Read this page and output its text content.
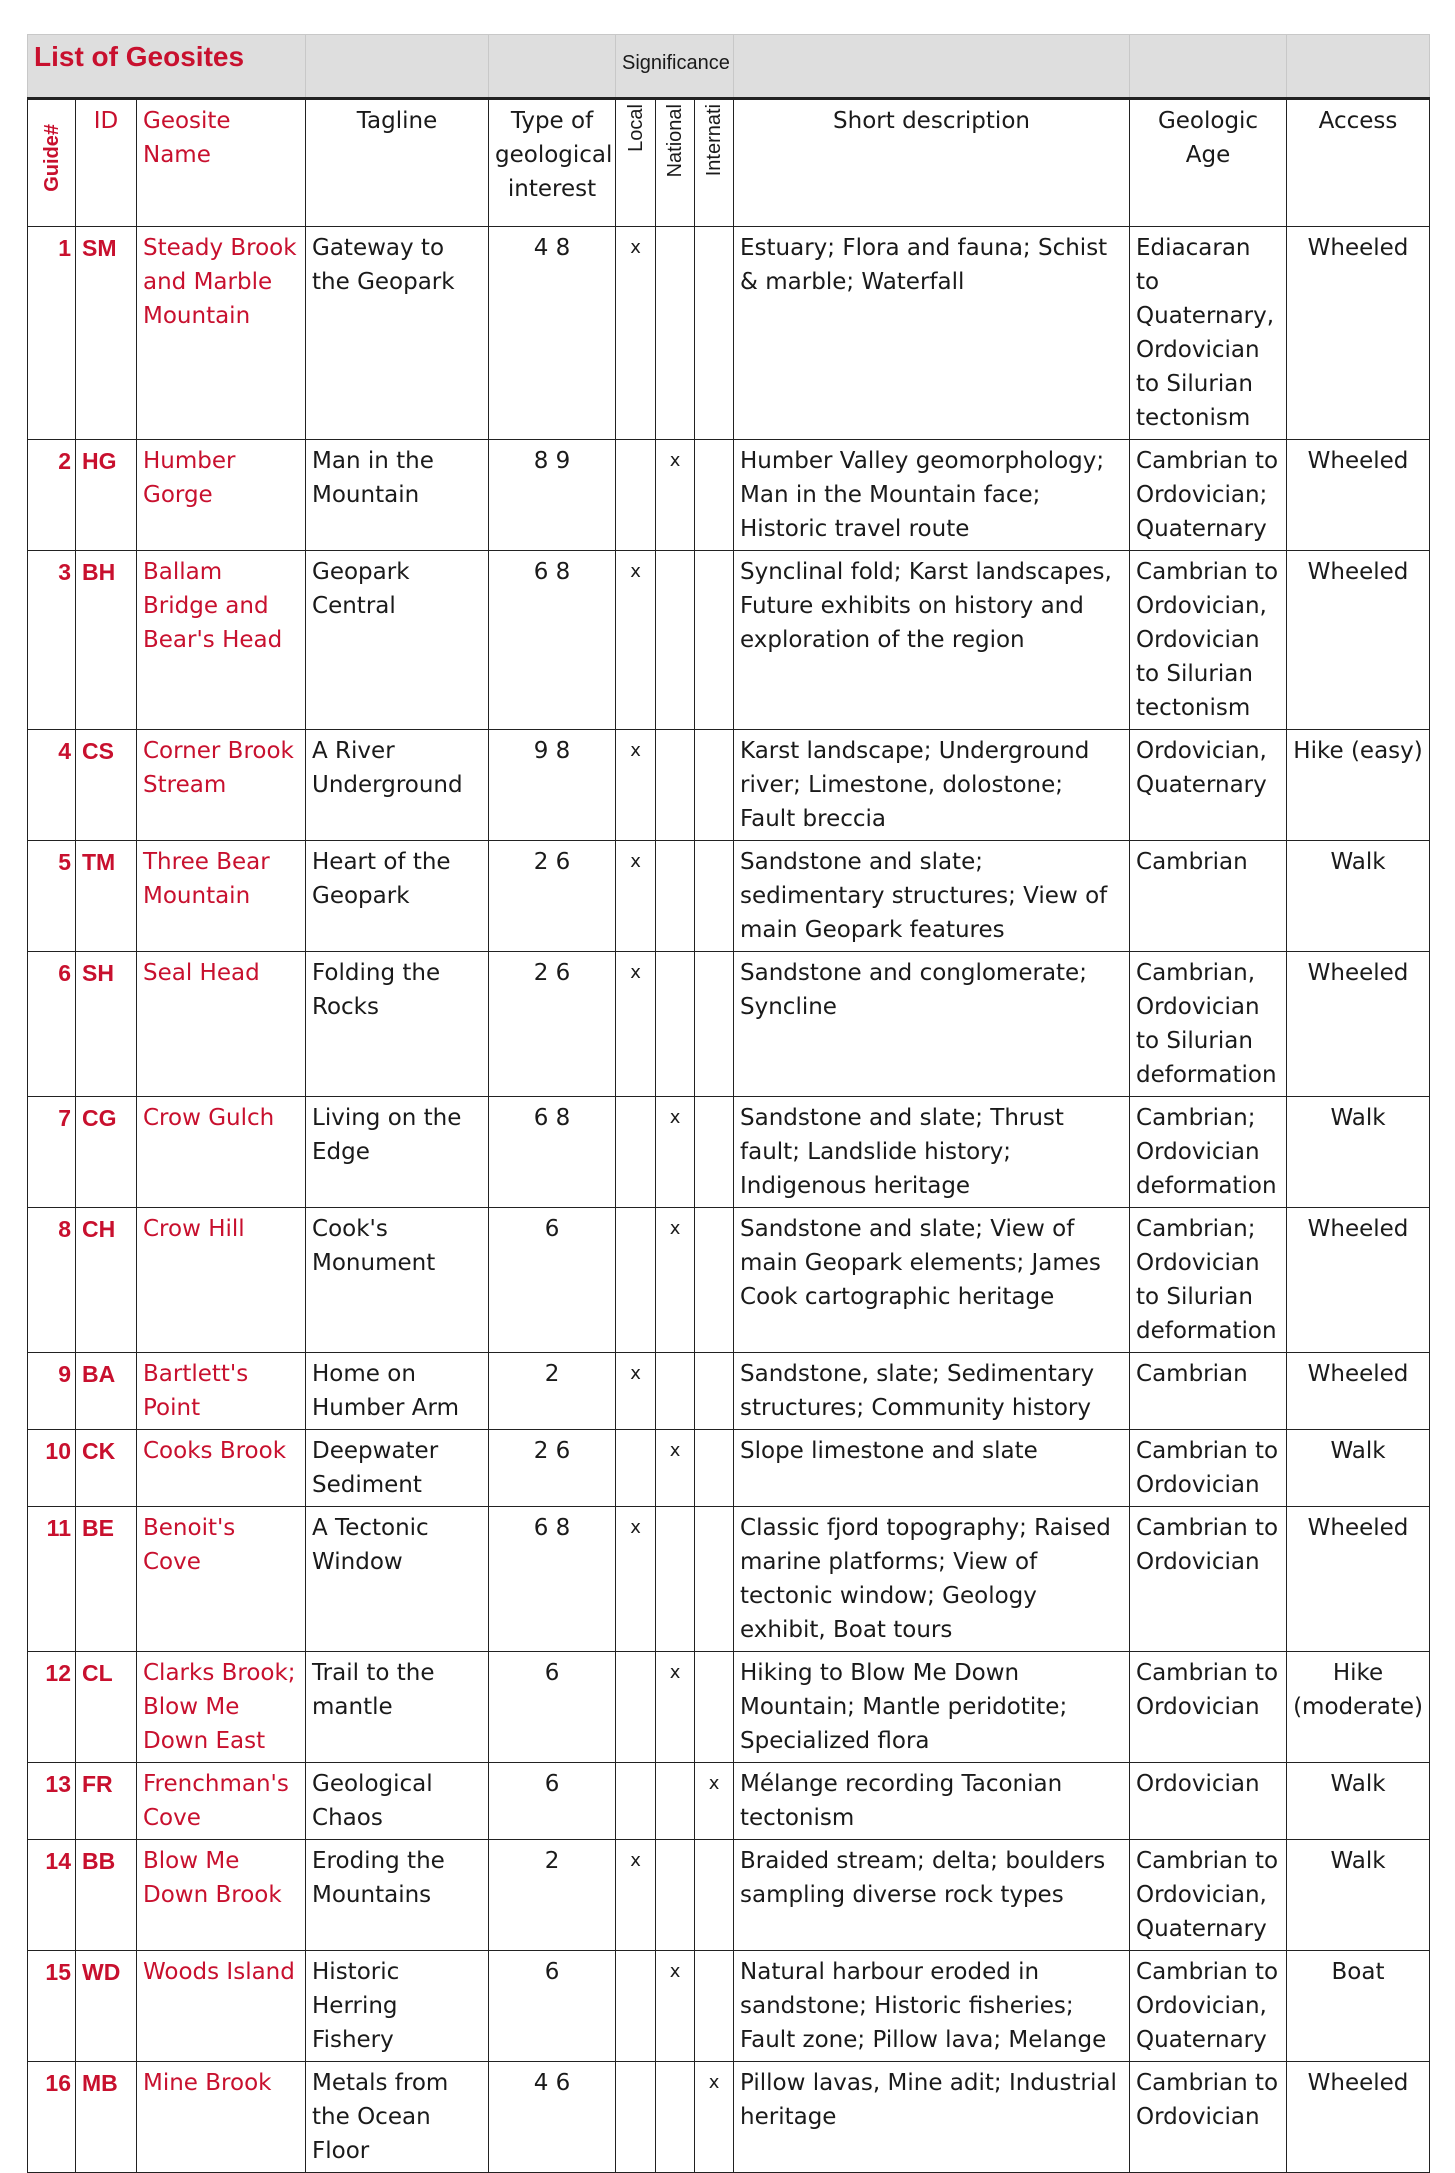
List of Geosites					Significance					

Guide#	ID	Geosite Name	Tagline	Type of geological interest	Local	National	Internati	Short description	Geologic Age	Access
1	SM	Steady Brook and Marble Mountain	Gateway to the Geopark	4 8	x			Estuary; Flora and fauna; Schist & marble; Waterfall	Ediacaran to Quaternary, Ordovician to Silurian tectonism	Wheeled
2	HG	Humber Gorge	Man in the Mountain	8 9		x		Humber Valley geomorphology; Man in the Mountain face; Historic travel route	Cambrian to Ordovician; Quaternary	Wheeled
3	BH	Ballam Bridge and Bear's Head	Geopark Central	6 8	x			Synclinal fold; Karst landscapes, Future exhibits on history and exploration of the region	Cambrian to Ordovician, Ordovician to Silurian tectonism	Wheeled
4	CS	Corner Brook Stream	A River Underground	9 8	x			Karst landscape; Underground river; Limestone, dolostone; Fault breccia	Ordovician, Quaternary	Hike (easy)
5	TM	Three Bear Mountain	Heart of the Geopark	2 6	x			Sandstone and slate; sedimentary structures; View of main Geopark features	Cambrian	Walk
6	SH	Seal Head	Folding the Rocks	2 6	x			Sandstone and conglomerate; Syncline	Cambrian, Ordovician to Silurian deformation	Wheeled
7	CG	Crow Gulch	Living on the Edge	6 8		x		Sandstone and slate; Thrust fault; Landslide history; Indigenous heritage	Cambrian; Ordovician deformation	Walk
8	CH	Crow Hill	Cook's Monument	6		x		Sandstone and slate; View of main Geopark elements; James Cook cartographic heritage	Cambrian; Ordovician to Silurian deformation	Wheeled
9	BA	Bartlett's Point	Home on Humber Arm	2	x			Sandstone, slate; Sedimentary structures; Community history	Cambrian	Wheeled
10	CK	Cooks Brook	Deepwater Sediment	2 6		x		Slope limestone and slate	Cambrian to Ordovician	Walk
11	BE	Benoit's Cove	A Tectonic Window	6 8	x			Classic fjord topography; Raised marine platforms; View of tectonic window; Geology exhibit, Boat tours	Cambrian to Ordovician	Wheeled
12	CL	Clarks Brook; Blow Me Down East	Trail to the mantle	6		x		Hiking to Blow Me Down Mountain; Mantle peridotite; Specialized flora	Cambrian to Ordovician	Hike (moderate)
13	FR	Frenchman's Cove	Geological Chaos	6			x	Mélange recording Taconian tectonism	Ordovician	Walk
14	BB	Blow Me Down Brook	Eroding the Mountains	2	x			Braided stream; delta; boulders sampling diverse rock types	Cambrian to Ordovician, Quaternary	Walk
15	WD	Woods Island	Historic Herring Fishery	6		x		Natural harbour eroded in sandstone; Historic fisheries; Fault zone; Pillow lava; Melange	Cambrian to Ordovician, Quaternary	Boat
16	MB	Mine Brook	Metals from the Ocean Floor	4 6			x	Pillow lavas, Mine adit; Industrial heritage	Cambrian to Ordovician	Wheeled
